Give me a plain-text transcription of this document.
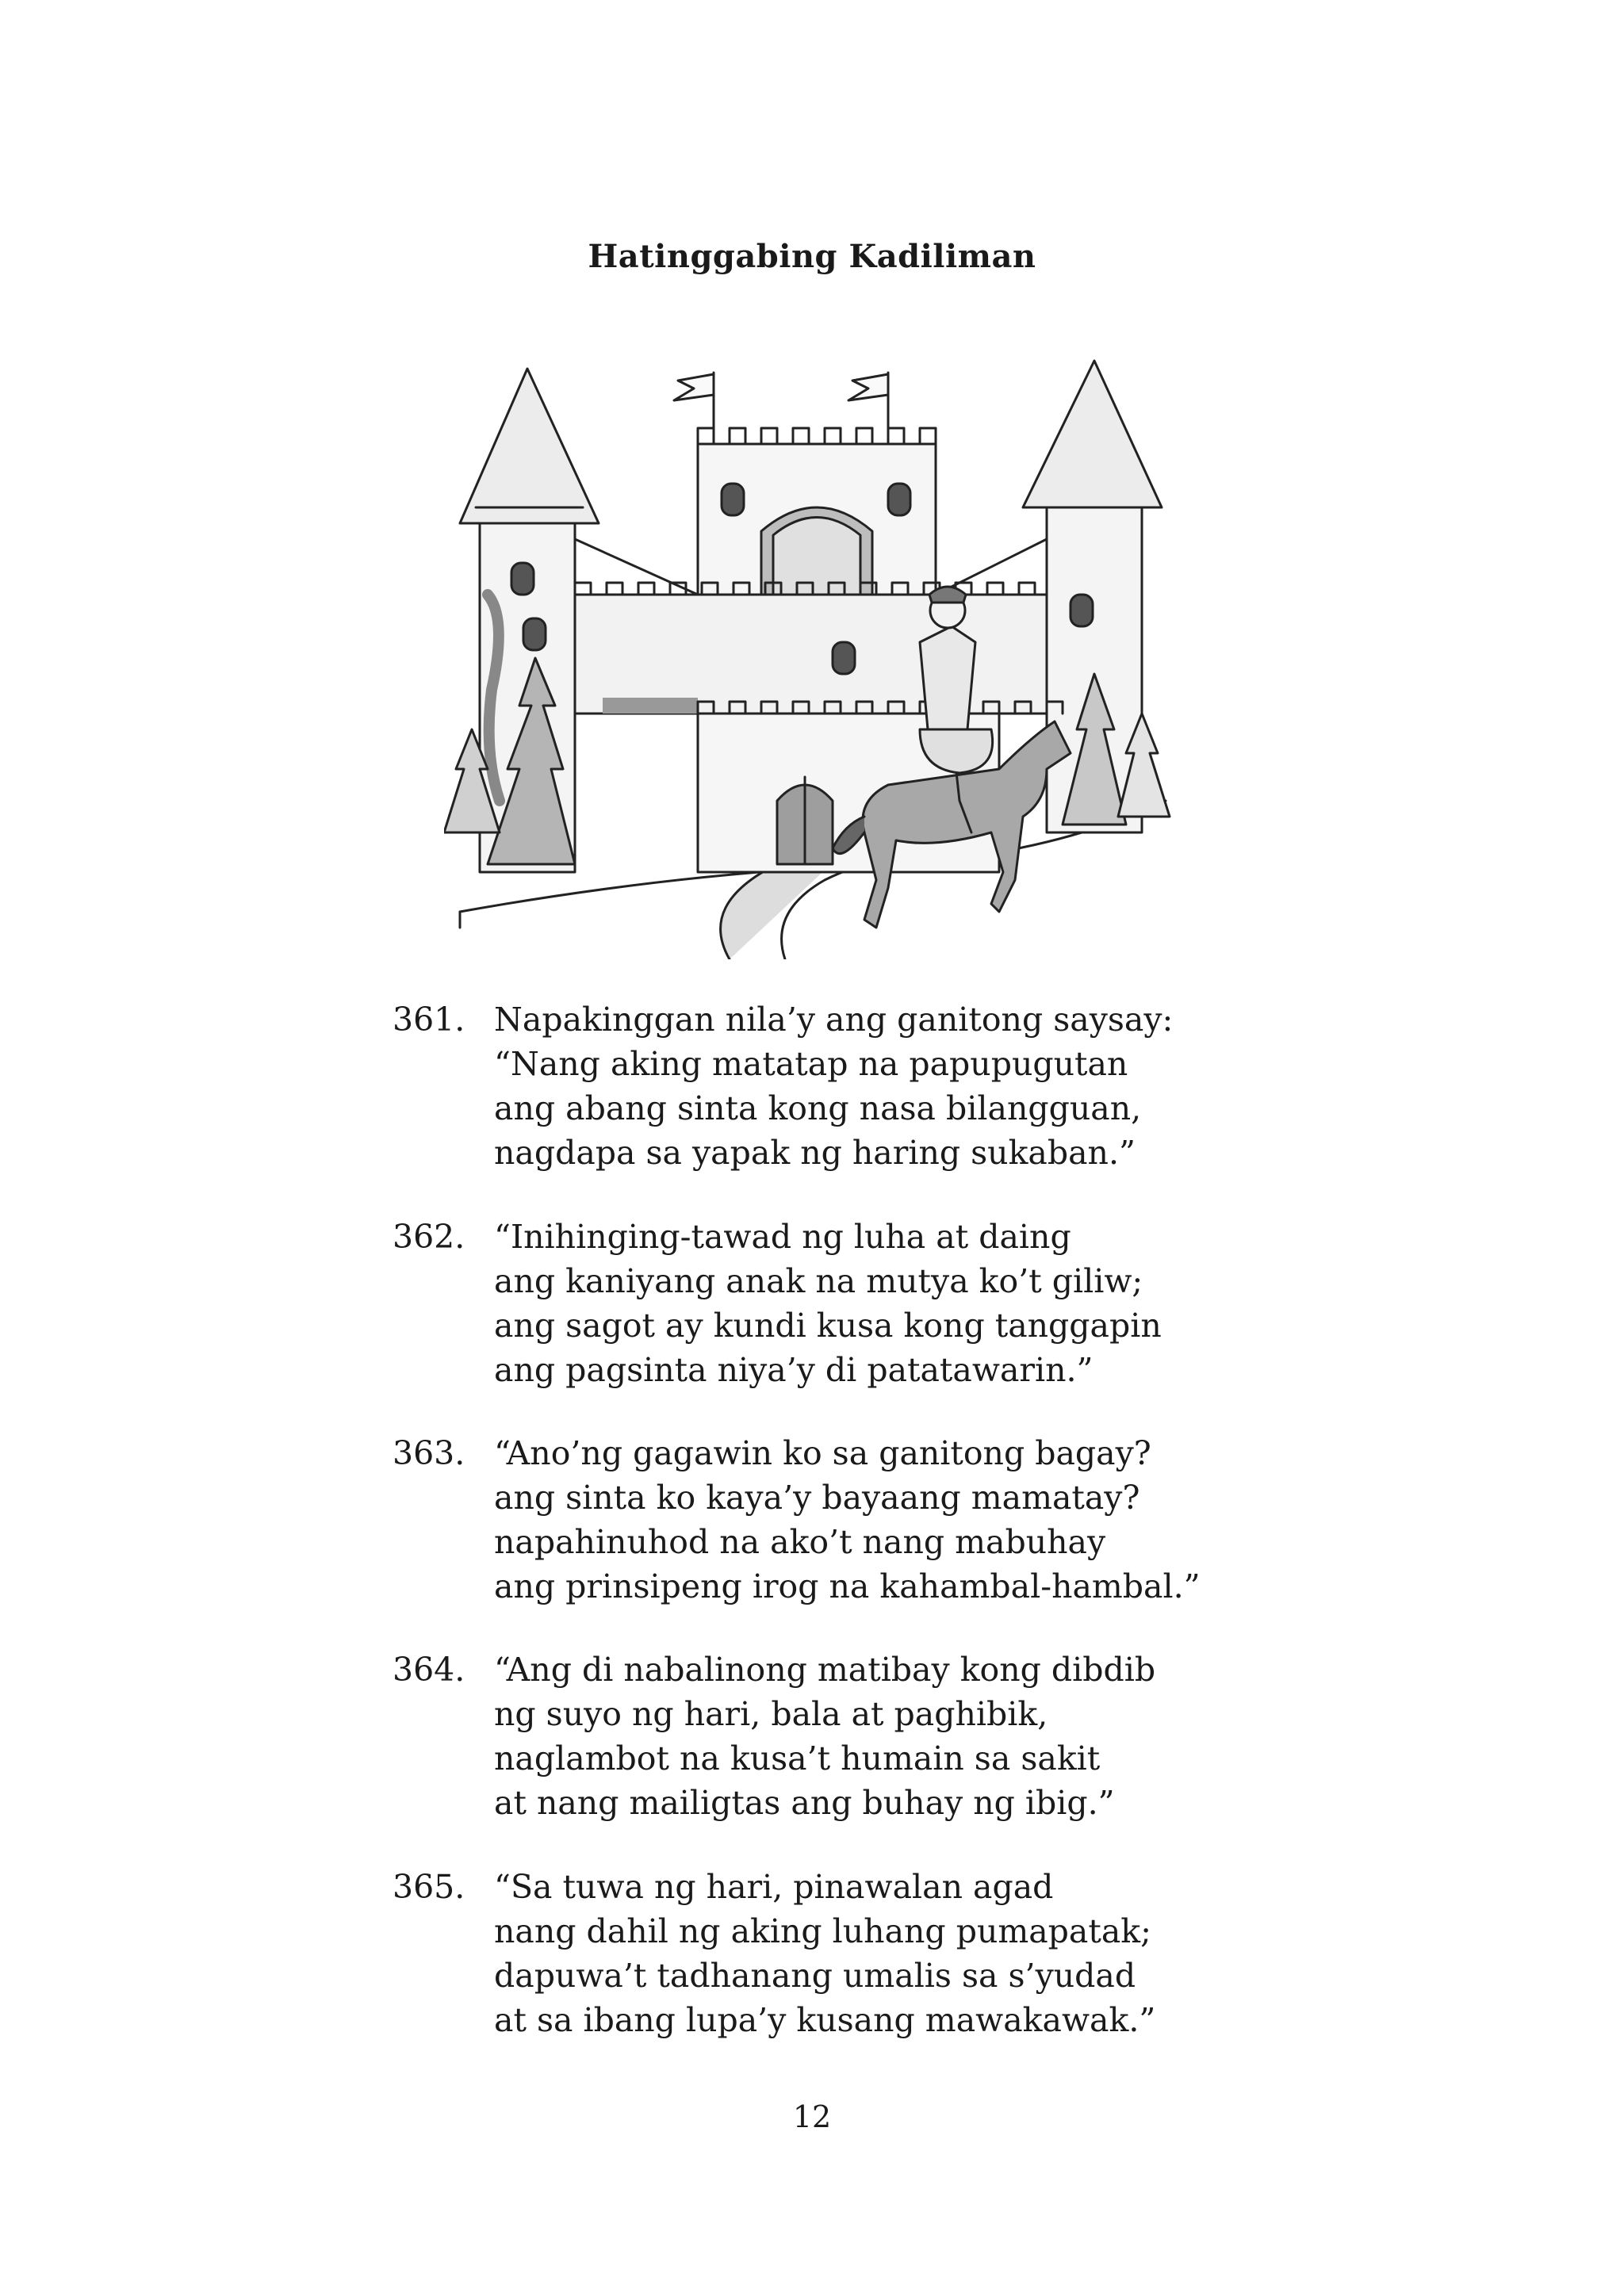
Hatinggabing Kadiliman
361. Napakinggan nila’y ang ganitong saysay:
“Nang aking matatap na papupugutan
ang abang sinta kong nasa bilangguan,
nagdapa sa yapak ng haring sukaban.”
362. “Inihinging-tawad ng luha at daing
ang kaniyang anak na mutya ko’t giliw;
ang sagot ay kundi kusa kong tanggapin
ang pagsinta niya’y di patatawarin.”
363. “Ano’ng gagawin ko sa ganitong bagay?
ang sinta ko kaya’y bayaang mamatay?
napahinuhod na ako’t nang mabuhay
ang prinsipeng irog na kahambal-hambal.”
364. “Ang di nabalinong matibay kong dibdib
ng suyo ng hari, bala at paghibik,
naglambot na kusa’t humain sa sakit
at nang mailigtas ang buhay ng ibig.”
365. “Sa tuwa ng hari, pinawalan agad
nang dahil ng aking luhang pumapatak;
dapuwa’t tadhanang umalis sa s’yudad
at sa ibang lupa’y kusang mawakawak.”
12
